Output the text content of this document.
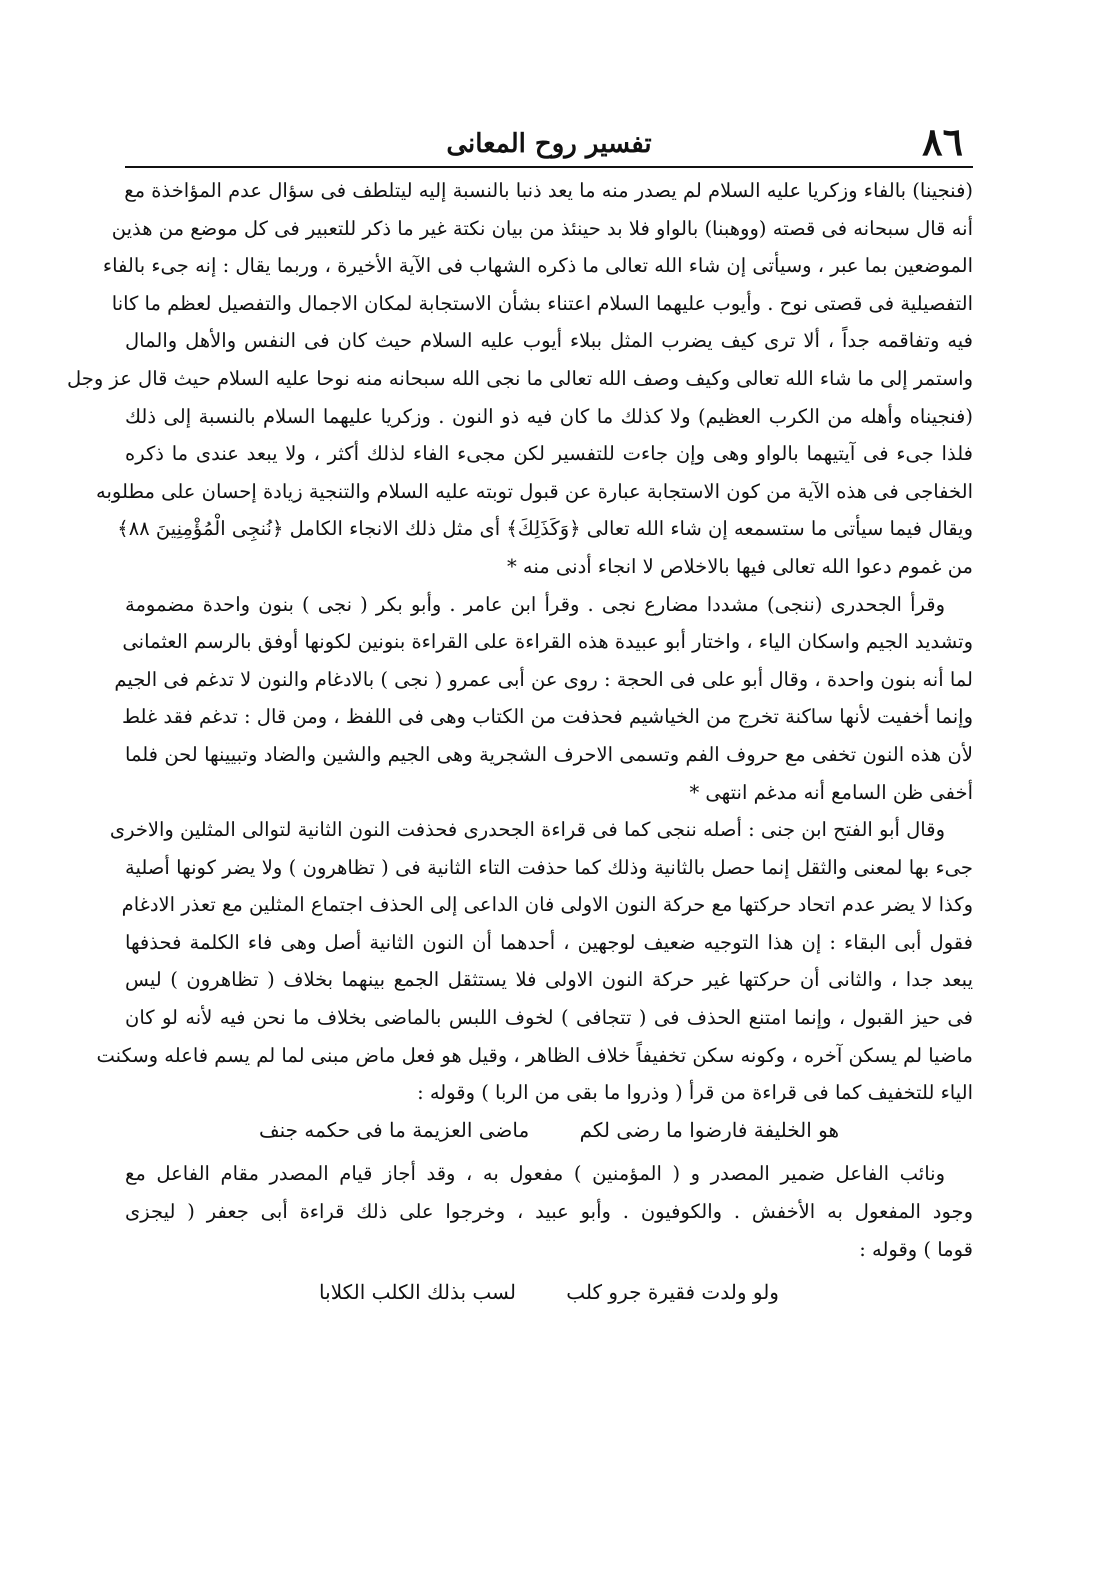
٨٦
تفسير روح المعانى
(فنجينا) بالفاء وزكريا عليه السلام لم يصدر منه ما يعد ذنبا بالنسبة إليه ليتلطف فى سؤال عدم المؤاخذة مع
أنه قال سبحانه فى قصته (ووهبنا) بالواو فلا بد حينئذ من بيان نكتة غير ما ذكر للتعبير فى كل موضع من هذين
الموضعين بما عبر ، وسيأتى إن شاء الله تعالى ما ذكره الشهاب فى الآية الأخيرة ، وربما يقال : إنه جىء بالفاء
التفصيلية فى قصتى نوح . وأيوب عليهما السلام اعتناء بشأن الاستجابة لمكان الاجمال والتفصيل لعظم ما كانا
فيه وتفاقمه جداً ، ألا ترى كيف يضرب المثل ببلاء أيوب عليه السلام حيث كان فى النفس والأهل والمال
واستمر إلى ما شاء الله تعالى وكيف وصف الله تعالى ما نجى الله سبحانه منه نوحا عليه السلام حيث قال عز وجل
(فنجيناه وأهله من الكرب العظيم) ولا كذلك ما كان فيه ذو النون . وزكريا عليهما السلام بالنسبة إلى ذلك
فلذا جىء فى آيتيهما بالواو وهى وإن جاءت للتفسير لكن مجىء الفاء لذلك أكثر ، ولا يبعد عندى ما ذكره
الخفاجى فى هذه الآية من كون الاستجابة عبارة عن قبول توبته عليه السلام والتنجية زيادة إحسان على مطلوبه
ويقال فيما سيأتى ما ستسمعه إن شاء الله تعالى ﴿وَكَذَلِكَ﴾ أى مثل ذلك الانجاء الكامل ﴿نُنجِى الْمُؤْمِنِينَ ٨٨﴾
من غموم دعوا الله تعالى فيها بالاخلاص لا انجاء أدنى منه *
وقرأ الجحدرى (ننجى) مشددا مضارع نجى . وقرأ ابن عامر . وأبو بكر ( نجى ) بنون واحدة مضمومة
وتشديد الجيم واسكان الياء ، واختار أبو عبيدة هذه القراءة على القراءة بنونين لكونها أوفق بالرسم العثمانى
لما أنه بنون واحدة ، وقال أبو على فى الحجة : روى عن أبى عمرو ( نجى ) بالادغام والنون لا تدغم فى الجيم
وإنما أخفيت لأنها ساكنة تخرج من الخياشيم فحذفت من الكتاب وهى فى اللفظ ، ومن قال : تدغم فقد غلط
لأن هذه النون تخفى مع حروف الفم وتسمى الاحرف الشجرية وهى الجيم والشين والضاد وتبيينها لحن فلما
أخفى ظن السامع أنه مدغم انتهى *
وقال أبو الفتح ابن جنى : أصله ننجى كما فى قراءة الجحدرى فحذفت النون الثانية لتوالى المثلين والاخرى
جىء بها لمعنى والثقل إنما حصل بالثانية وذلك كما حذفت التاء الثانية فى ( تظاهرون ) ولا يضر كونها أصلية
وكذا لا يضر عدم اتحاد حركتها مع حركة النون الاولى فان الداعى إلى الحذف اجتماع المثلين مع تعذر الادغام
فقول أبى البقاء : إن هذا التوجيه ضعيف لوجهين ، أحدهما أن النون الثانية أصل وهى فاء الكلمة فحذفها
يبعد جدا ، والثانى أن حركتها غير حركة النون الاولى فلا يستثقل الجمع بينهما بخلاف ( تظاهرون ) ليس
فى حيز القبول ، وإنما امتنع الحذف فى ( تتجافى ) لخوف اللبس بالماضى بخلاف ما نحن فيه لأنه لو كان
ماضيا لم يسكن آخره ، وكونه سكن تخفيفاً خلاف الظاهر ، وقيل هو فعل ماض مبنى لما لم يسم فاعله وسكنت
الياء للتخفيف كما فى قراءة من قرأ ( وذروا ما بقى من الربا ) وقوله :
هو الخليفة فارضوا ما رضى لكم ماضى العزيمة ما فى حكمه جنف
ونائب الفاعل ضمير المصدر و ( المؤمنين ) مفعول به ، وقد أجاز قيام المصدر مقام الفاعل مع
وجود المفعول به الأخفش . والكوفيون . وأبو عبيد ، وخرجوا على ذلك قراءة أبى جعفر ( ليجزى
قوما ) وقوله :
ولو ولدت فقيرة جرو كلب لسب بذلك الكلب الكلابا
